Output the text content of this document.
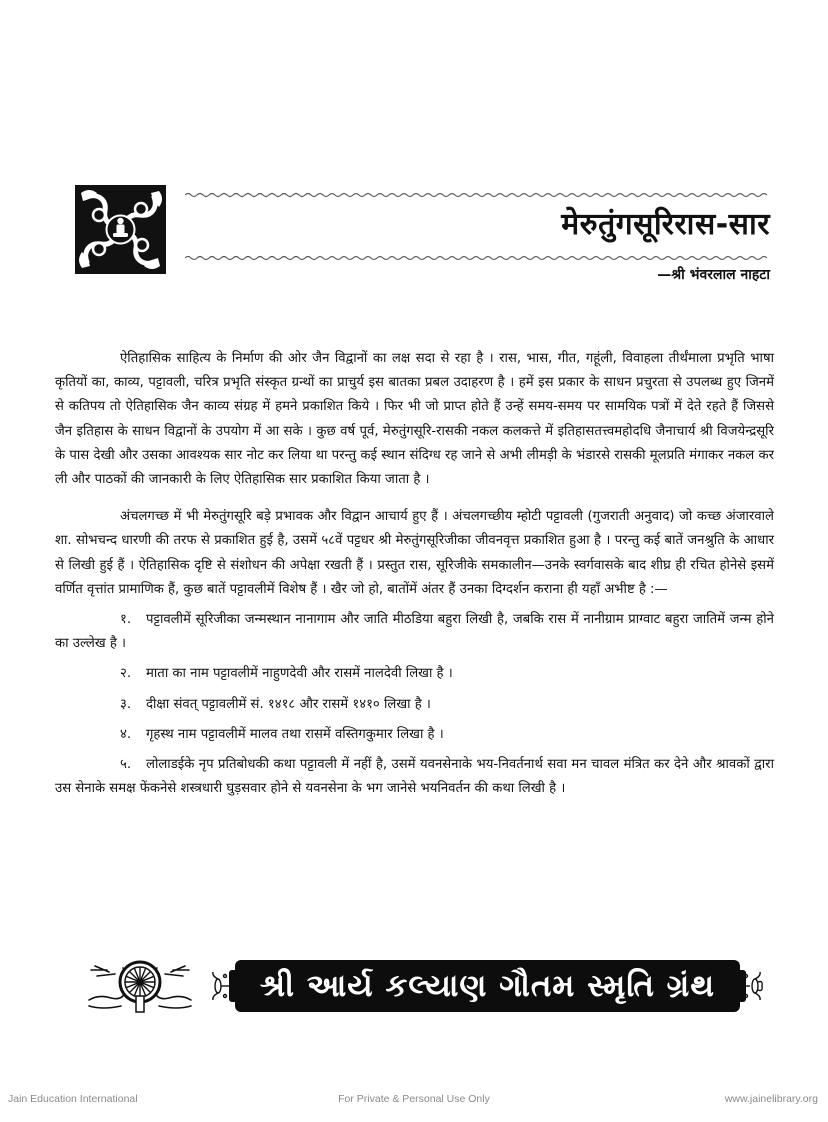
मेरुतुंगसूरिरास-सार
—श्री भंवरलाल नाहटा

ऐतिहासिक साहित्य के निर्माण की ओर जैन विद्वानों का लक्ष सदा से रहा है । रास, भास, गीत, गहूंली, विवाहला तीर्थंमाला प्रभृति भाषा कृतियों का, काव्य, पट्टावली, चरित्र प्रभृति संस्कृत ग्रन्थों का प्राचुर्य इस बातका प्रबल उदाहरण है । हमें इस प्रकार के साधन प्रचुरता से उपलब्ध हुए जिनमें से कतिपय तो ऐतिहासिक जैन काव्य संग्रह में हमने प्रकाशित किये । फिर भी जो प्राप्त होते हैं उन्हें समय-समय पर सामयिक पत्रों में देते रहते हैं जिससे जैन इतिहास के साधन विद्वानों के उपयोग में आ सके । कुछ वर्ष पूर्व, मेरुतुंगसूरि-रासकी नकल कलकत्ते में इतिहासतत्त्वमहोदधि जैनाचार्य श्री विजयेन्द्रसूरि के पास देखी और उसका आवश्यक सार नोट कर लिया था परन्तु कई स्थान संदिग्ध रह जाने से अभी लीमड़ी के भंडारसे रासकी मूलप्रति मंगाकर नकल कर ली और पाठकों की जानकारी के लिए ऐतिहासिक सार प्रकाशित किया जाता है ।

अंचलगच्छ में भी मेरुतुंगसूरि बड़े प्रभावक और विद्वान आचार्य हुए हैं । अंचलगच्छीय म्होटी पट्टावली (गुजराती अनुवाद) जो कच्छ अंजारवाले शा. सोभचन्द धारणी की तरफ से प्रकाशित हुई है, उसमें ५८वें पट्टधर श्री मेरुतुंगसूरिजीका जीवनवृत्त प्रकाशित हुआ है । परन्तु कई बातें जनश्रुति के आधार से लिखी हुई हैं । ऐतिहासिक दृष्टि से संशोधन की अपेक्षा रखती हैं । प्रस्तुत रास, सूरिजीके समकालीन—उनके स्वर्गवासके बाद शीघ्र ही रचित होनेसे इसमें वर्णित वृत्तांत प्रामाणिक हैं, कुछ बातें पट्टावलीमें विशेष हैं । खैर जो हो, बातोंमें अंतर हैं उनका दिग्दर्शन कराना ही यहाँ अभीष्ट है :—

१. पट्टावलीमें सूरिजीका जन्मस्थान नानागाम और जाति मीठडिया बहुरा लिखी है, जबकि रास में नानीग्राम प्राग्वाट बहुरा जातिमें जन्म होने का उल्लेख है ।

२. माता का नाम पट्टावलीमें नाहुणदेवी और रासमें नालदेवी लिखा है ।

३. दीक्षा संवत् पट्टावलीमें सं. १४१८ और रासमें १४१० लिखा है ।

४. गृहस्थ नाम पट्टावलीमें मालव तथा रासमें वस्तिगकुमार लिखा है ।

५. लोलाडईके नृप प्रतिबोधकी कथा पट्टावली में नहीं है, उसमें यवनसेनाके भय-निवर्तनार्थ सवा मन चावल मंत्रित कर देने और श्रावकों द्वारा उस सेनाके समक्ष फेंकनेसे शस्त्रधारी घुड़सवार होने से यवनसेना के भग जानेसे भयनिवर्तन की कथा लिखी है ।

શ્રી આર્ય કલ્યાણ ગૌતમ સ્મૃતિ ગ્રંથ
Jain Education International	For Private & Personal Use Only	www.jainelibrary.org
